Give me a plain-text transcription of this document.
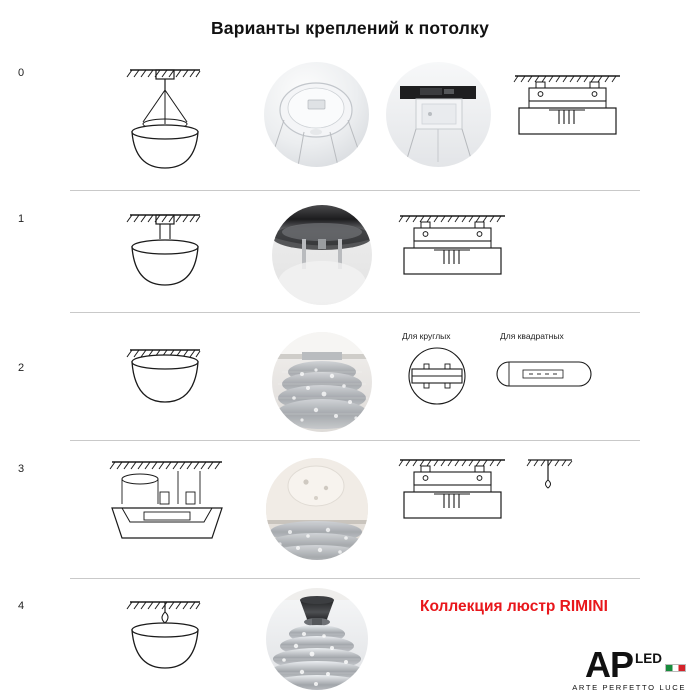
Варианты креплений к потолку
0
1
2
3
4
Для круглых	Для квадратных
Коллекция люстр RIMINI
AP LED
ARTE PERFETTO LUCE
